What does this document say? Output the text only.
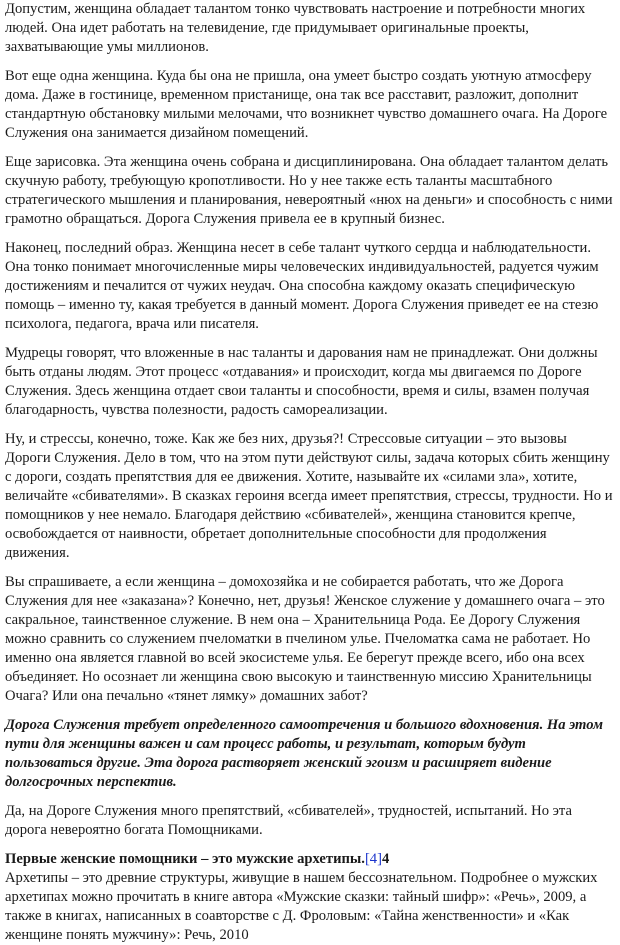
Допустим, женщина обладает талантом тонко чувствовать настроение и потребности многих людей. Она идет работать на телевидение, где придумывает оригинальные проекты, захватывающие умы миллионов.

Вот еще одна женщина. Куда бы она не пришла, она умеет быстро создать уютную атмосферу дома. Даже в гостинице, временном пристанище, она так все расставит, разложит, дополнит стандартную обстановку милыми мелочами, что возникнет чувство домашнего очага. На Дороге Служения она занимается дизайном помещений.

Еще зарисовка. Эта женщина очень собрана и дисциплинирована. Она обладает талантом делать скучную работу, требующую кропотливости. Но у нее также есть таланты масштабного стратегического мышления и планирования, невероятный «нюх на деньги» и способность с ними грамотно обращаться. Дорога Служения привела ее в крупный бизнес.

Наконец, последний образ. Женщина несет в себе талант чуткого сердца и наблюдательности. Она тонко понимает многочисленные миры человеческих индивидуальностей, радуется чужим достижениям и печалится от чужих неудач. Она способна каждому оказать специфическую помощь – именно ту, какая требуется в данный момент. Дорога Служения приведет ее на стезю психолога, педагога, врача или писателя.

Мудрецы говорят, что вложенные в нас таланты и дарования нам не принадлежат. Они должны быть отданы людям. Этот процесс «отдавания» и происходит, когда мы двигаемся по Дороге Служения. Здесь женщина отдает свои таланты и способности, время и силы, взамен получая благодарность, чувства полезности, радость самореализации.

Ну, и стрессы, конечно, тоже. Как же без них, друзья?! Стрессовые ситуации – это вызовы Дороги Служения. Дело в том, что на этом пути действуют силы, задача которых сбить женщину с дороги, создать препятствия для ее движения. Хотите, называйте их «силами зла», хотите, величайте «сбивателями». В сказках героиня всегда имеет препятствия, стрессы, трудности. Но и помощников у нее немало. Благодаря действию «сбивателей», женщина становится крепче, освобождается от наивности, обретает дополнительные способности для продолжения движения.

Вы спрашиваете, а если женщина – домохозяйка и не собирается работать, что же Дорога Служения для нее «заказана»? Конечно, нет, друзья! Женское служение у домашнего очага – это сакральное, таинственное служение. В нем она – Хранительница Рода. Ее Дорогу Служения можно сравнить со служением пчеломатки в пчелином улье. Пчеломатка сама не работает. Но именно она является главной во всей экосистеме улья. Ее берегут прежде всего, ибо она всех объединяет. Но осознает ли женщина свою высокую и таинственную миссию Хранительницы Очага? Или она печально «тянет лямку» домашних забот?

Дорога Служения требует определенного самоотречения и большого вдохновения. На этом пути для женщины важен и сам процесс работы, и результат, которым будут пользоваться другие. Эта дорога растворяет женский эгоизм и расширяет видение долгосрочных перспектив.

Да, на Дороге Служения много препятствий, «сбивателей», трудностей, испытаний. Но эта дорога невероятно богата Помощниками.

Первые женские помощники – это мужские архетипы.[4]4

Архетипы – это древние структуры, живущие в нашем бессознательном. Подробнее о мужских архетипах можно прочитать в книге автора «Мужские сказки: тайный шифр»: «Речь», 2009, а также в книгах, написанных в соавторстве с Д. Фроловым: «Тайна женственности» и «Как женщине понять мужчину»: Речь, 2010
